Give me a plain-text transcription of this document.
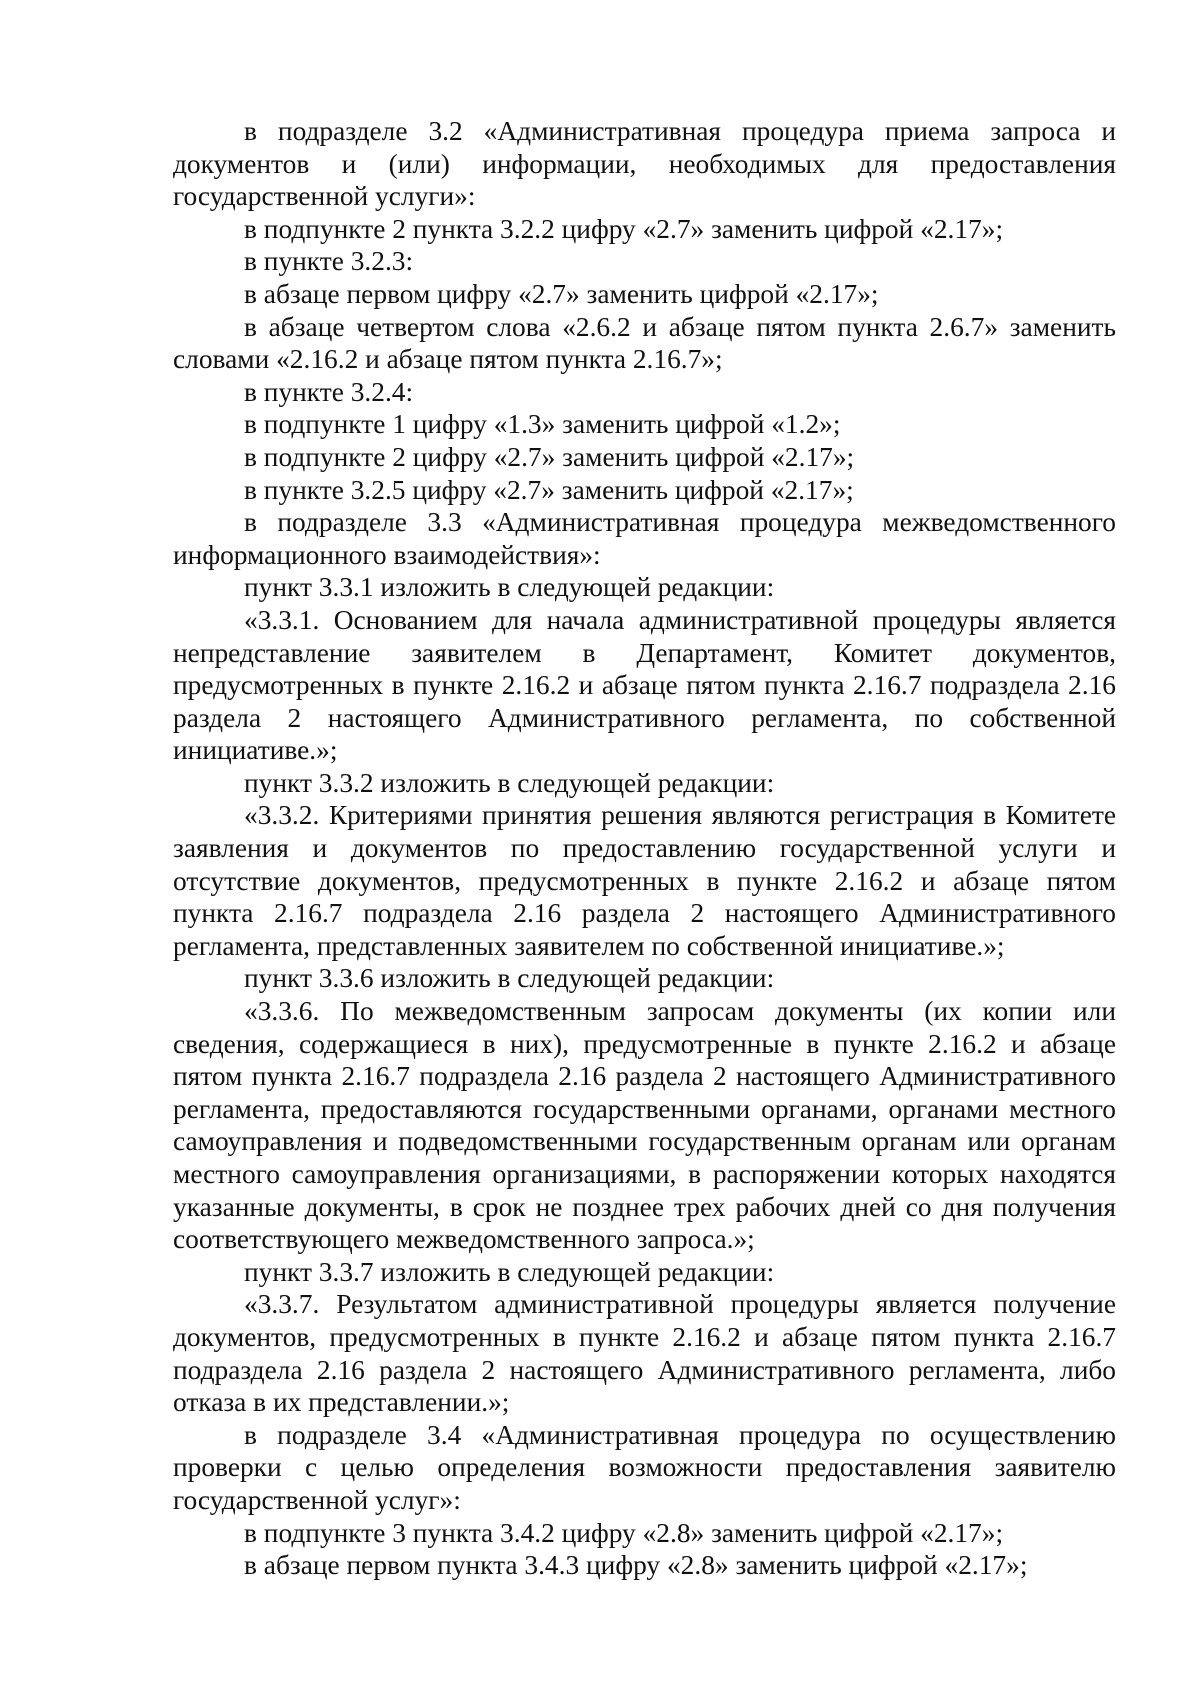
в подразделе 3.2 «Административная процедура приема запроса и документов и (или) информации, необходимых для предоставления государственной услуги»:

в подпункте 2 пункта 3.2.2 цифру «2.7» заменить цифрой «2.17»;

в пункте 3.2.3:

в абзаце первом цифру «2.7» заменить цифрой «2.17»;

в абзаце четвертом слова «2.6.2 и абзаце пятом пункта 2.6.7» заменить словами «2.16.2 и абзаце пятом пункта 2.16.7»;

в пункте 3.2.4:

в подпункте 1 цифру «1.3» заменить цифрой «1.2»;

в подпункте 2 цифру «2.7» заменить цифрой «2.17»;

в пункте 3.2.5 цифру «2.7» заменить цифрой «2.17»;

в подразделе 3.3 «Административная процедура межведомственного информационного взаимодействия»:

пункт 3.3.1 изложить в следующей редакции:

«3.3.1. Основанием для начала административной процедуры является непредставление заявителем в Департамент, Комитет документов, предусмотренных в пункте 2.16.2 и абзаце пятом пункта 2.16.7 подраздела 2.16 раздела 2 настоящего Административного регламента, по собственной инициативе.»;

пункт 3.3.2 изложить в следующей редакции:

«3.3.2. Критериями принятия решения являются регистрация в Комитете заявления и документов по предоставлению государственной услуги и отсутствие документов, предусмотренных в пункте 2.16.2 и абзаце пятом пункта 2.16.7 подраздела 2.16 раздела 2 настоящего Административного регламента, представленных заявителем по собственной инициативе.»;

пункт 3.3.6 изложить в следующей редакции:

«3.3.6. По межведомственным запросам документы (их копии или сведения, содержащиеся в них), предусмотренные в пункте 2.16.2 и абзаце пятом пункта 2.16.7 подраздела 2.16 раздела 2 настоящего Административного регламента, предоставляются государственными органами, органами местного самоуправления и подведомственными государственным органам или органам местного самоуправления организациями, в распоряжении которых находятся указанные документы, в срок не позднее трех рабочих дней со дня получения соответствующего межведомственного запроса.»;

пункт 3.3.7 изложить в следующей редакции:

«3.3.7. Результатом административной процедуры является получение документов, предусмотренных в пункте 2.16.2 и абзаце пятом пункта 2.16.7 подраздела 2.16 раздела 2 настоящего Административного регламента, либо отказа в их представлении.»;

в подразделе 3.4 «Административная процедура по осуществлению проверки с целью определения возможности предоставления заявителю государственной услуг»:

в подпункте 3 пункта 3.4.2 цифру «2.8» заменить цифрой «2.17»;

в абзаце первом пункта 3.4.3 цифру «2.8» заменить цифрой «2.17»;
